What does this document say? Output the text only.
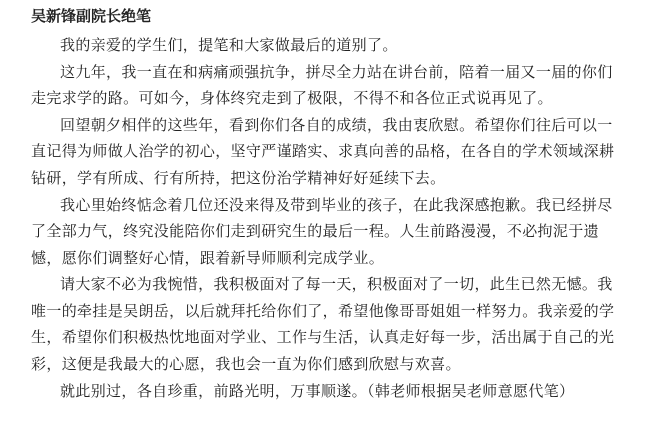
吴新锋副院长绝笔
我的亲爱的学生们，提笔和大家做最后的道别了。
这九年，我一直在和病痛顽强抗争，拼尽全力站在讲台前，陪着一届又一届的你们
走完求学的路。可如今，身体终究走到了极限，不得不和各位正式说再见了。
回望朝夕相伴的这些年，看到你们各自的成绩，我由衷欣慰。希望你们往后可以一
直记得为师做人治学的初心，坚守严谨踏实、求真向善的品格，在各自的学术领域深耕
钻研，学有所成、行有所持，把这份治学精神好好延续下去。
我心里始终惦念着几位还没来得及带到毕业的孩子，在此我深感抱歉。我已经拼尽
了全部力气，终究没能陪你们走到研究生的最后一程。人生前路漫漫，不必拘泥于遗
憾，愿你们调整好心情，跟着新导师顺利完成学业。
请大家不必为我惋惜，我积极面对了每一天，积极面对了一切，此生已然无憾。我
唯一的牵挂是吴朗岳，以后就拜托给你们了，希望他像哥哥姐姐一样努力。我亲爱的学
生，希望你们积极热忱地面对学业、工作与生活，认真走好每一步，活出属于自己的光
彩，这便是我最大的心愿，我也会一直为你们感到欣慰与欢喜。
就此别过，各自珍重，前路光明，万事顺遂。（韩老师根据吴老师意愿代笔）
